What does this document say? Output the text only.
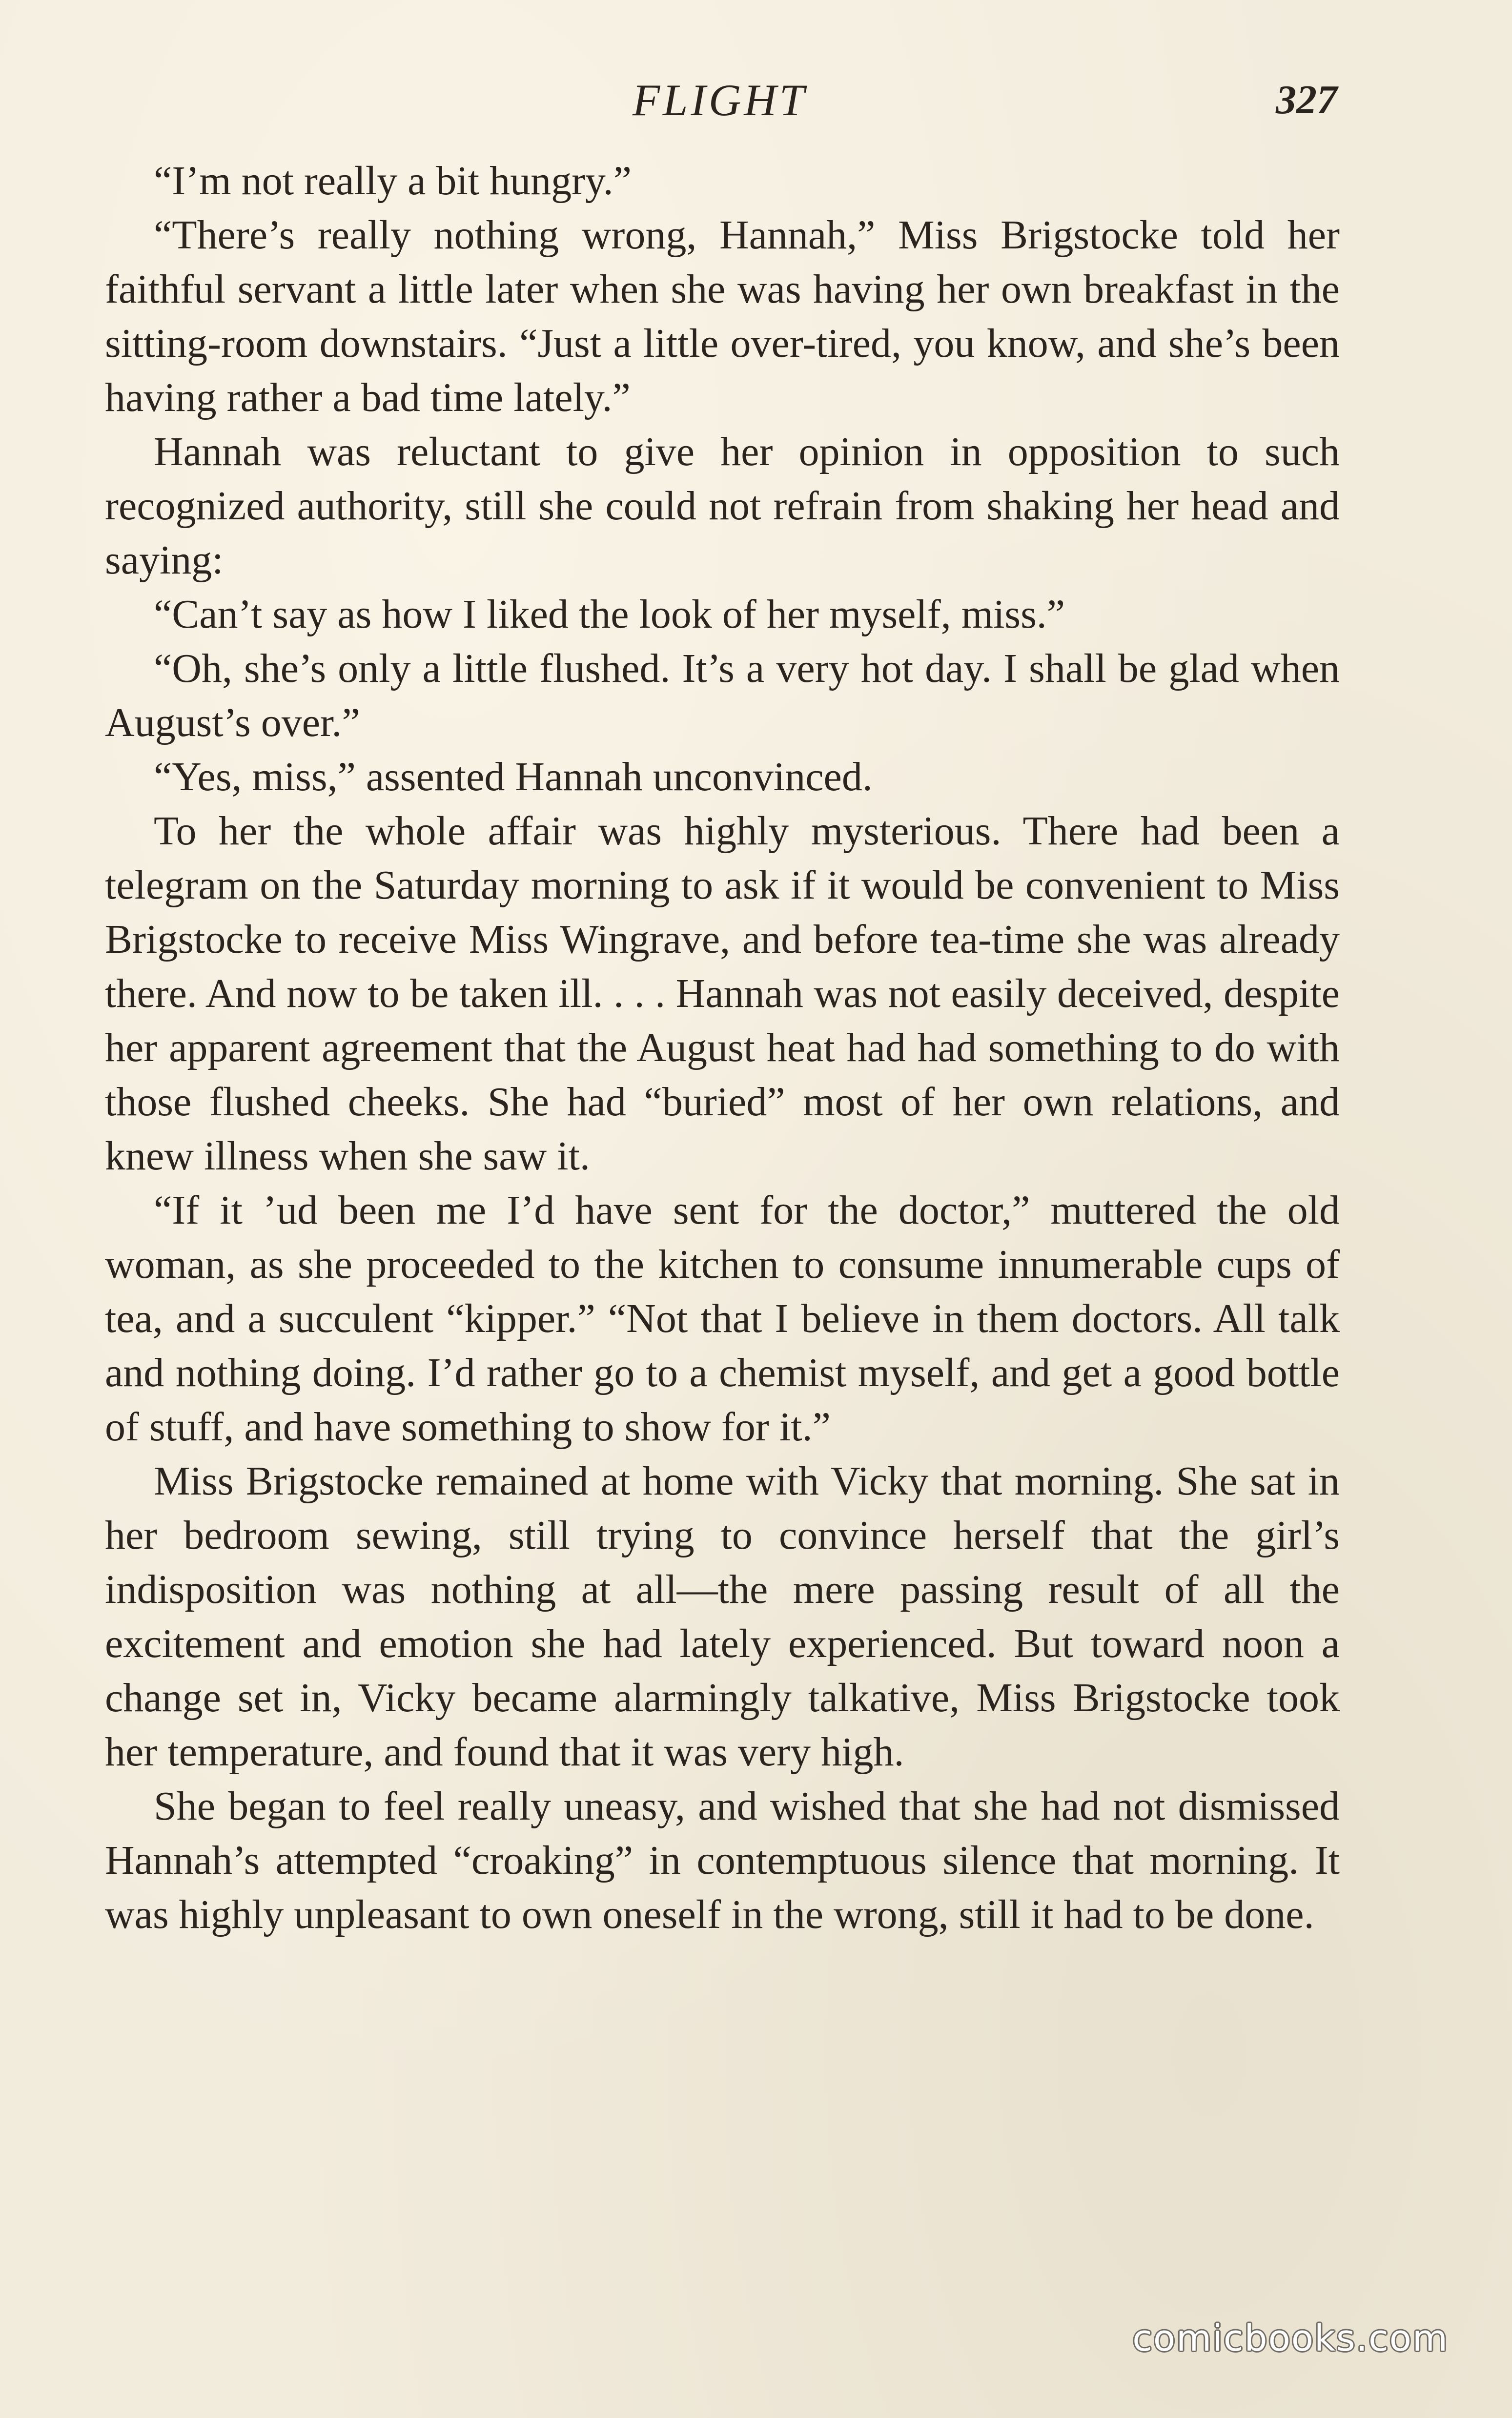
FLIGHT	327

“I’m not really a bit hungry.”

“There’s really nothing wrong, Hannah,” Miss Brigstocke told her faithful servant a little later when she was having her own breakfast in the sitting-room downstairs. “Just a little over-tired, you know, and she’s been having rather a bad time lately.”

Hannah was reluctant to give her opinion in opposition to such recognized authority, still she could not refrain from shaking her head and saying:

“Can’t say as how I liked the look of her myself, miss.”

“Oh, she’s only a little flushed. It’s a very hot day. I shall be glad when August’s over.”

“Yes, miss,” assented Hannah unconvinced.

To her the whole affair was highly mysterious. There had been a telegram on the Saturday morning to ask if it would be convenient to Miss Brigstocke to receive Miss Wingrave, and before tea-time she was already there. And now to be taken ill. . . . Hannah was not easily deceived, despite her apparent agreement that the August heat had had something to do with those flushed cheeks. She had “buried” most of her own relations, and knew illness when she saw it.

“If it ’ud been me I’d have sent for the doctor,” muttered the old woman, as she proceeded to the kitchen to consume innumerable cups of tea, and a succulent “kipper.” “Not that I believe in them doctors. All talk and nothing doing. I’d rather go to a chemist myself, and get a good bottle of stuff, and have something to show for it.”

Miss Brigstocke remained at home with Vicky that morning. She sat in her bedroom sewing, still trying to convince herself that the girl’s indisposition was nothing at all—the mere passing result of all the excitement and emotion she had lately experienced. But toward noon a change set in, Vicky became alarmingly talkative, Miss Brigstocke took her temperature, and found that it was very high.

She began to feel really uneasy, and wished that she had not dismissed Hannah’s attempted “croaking” in contemptuous silence that morning. It was highly unpleasant to own oneself in the wrong, still it had to be done.

comicbooks.com
